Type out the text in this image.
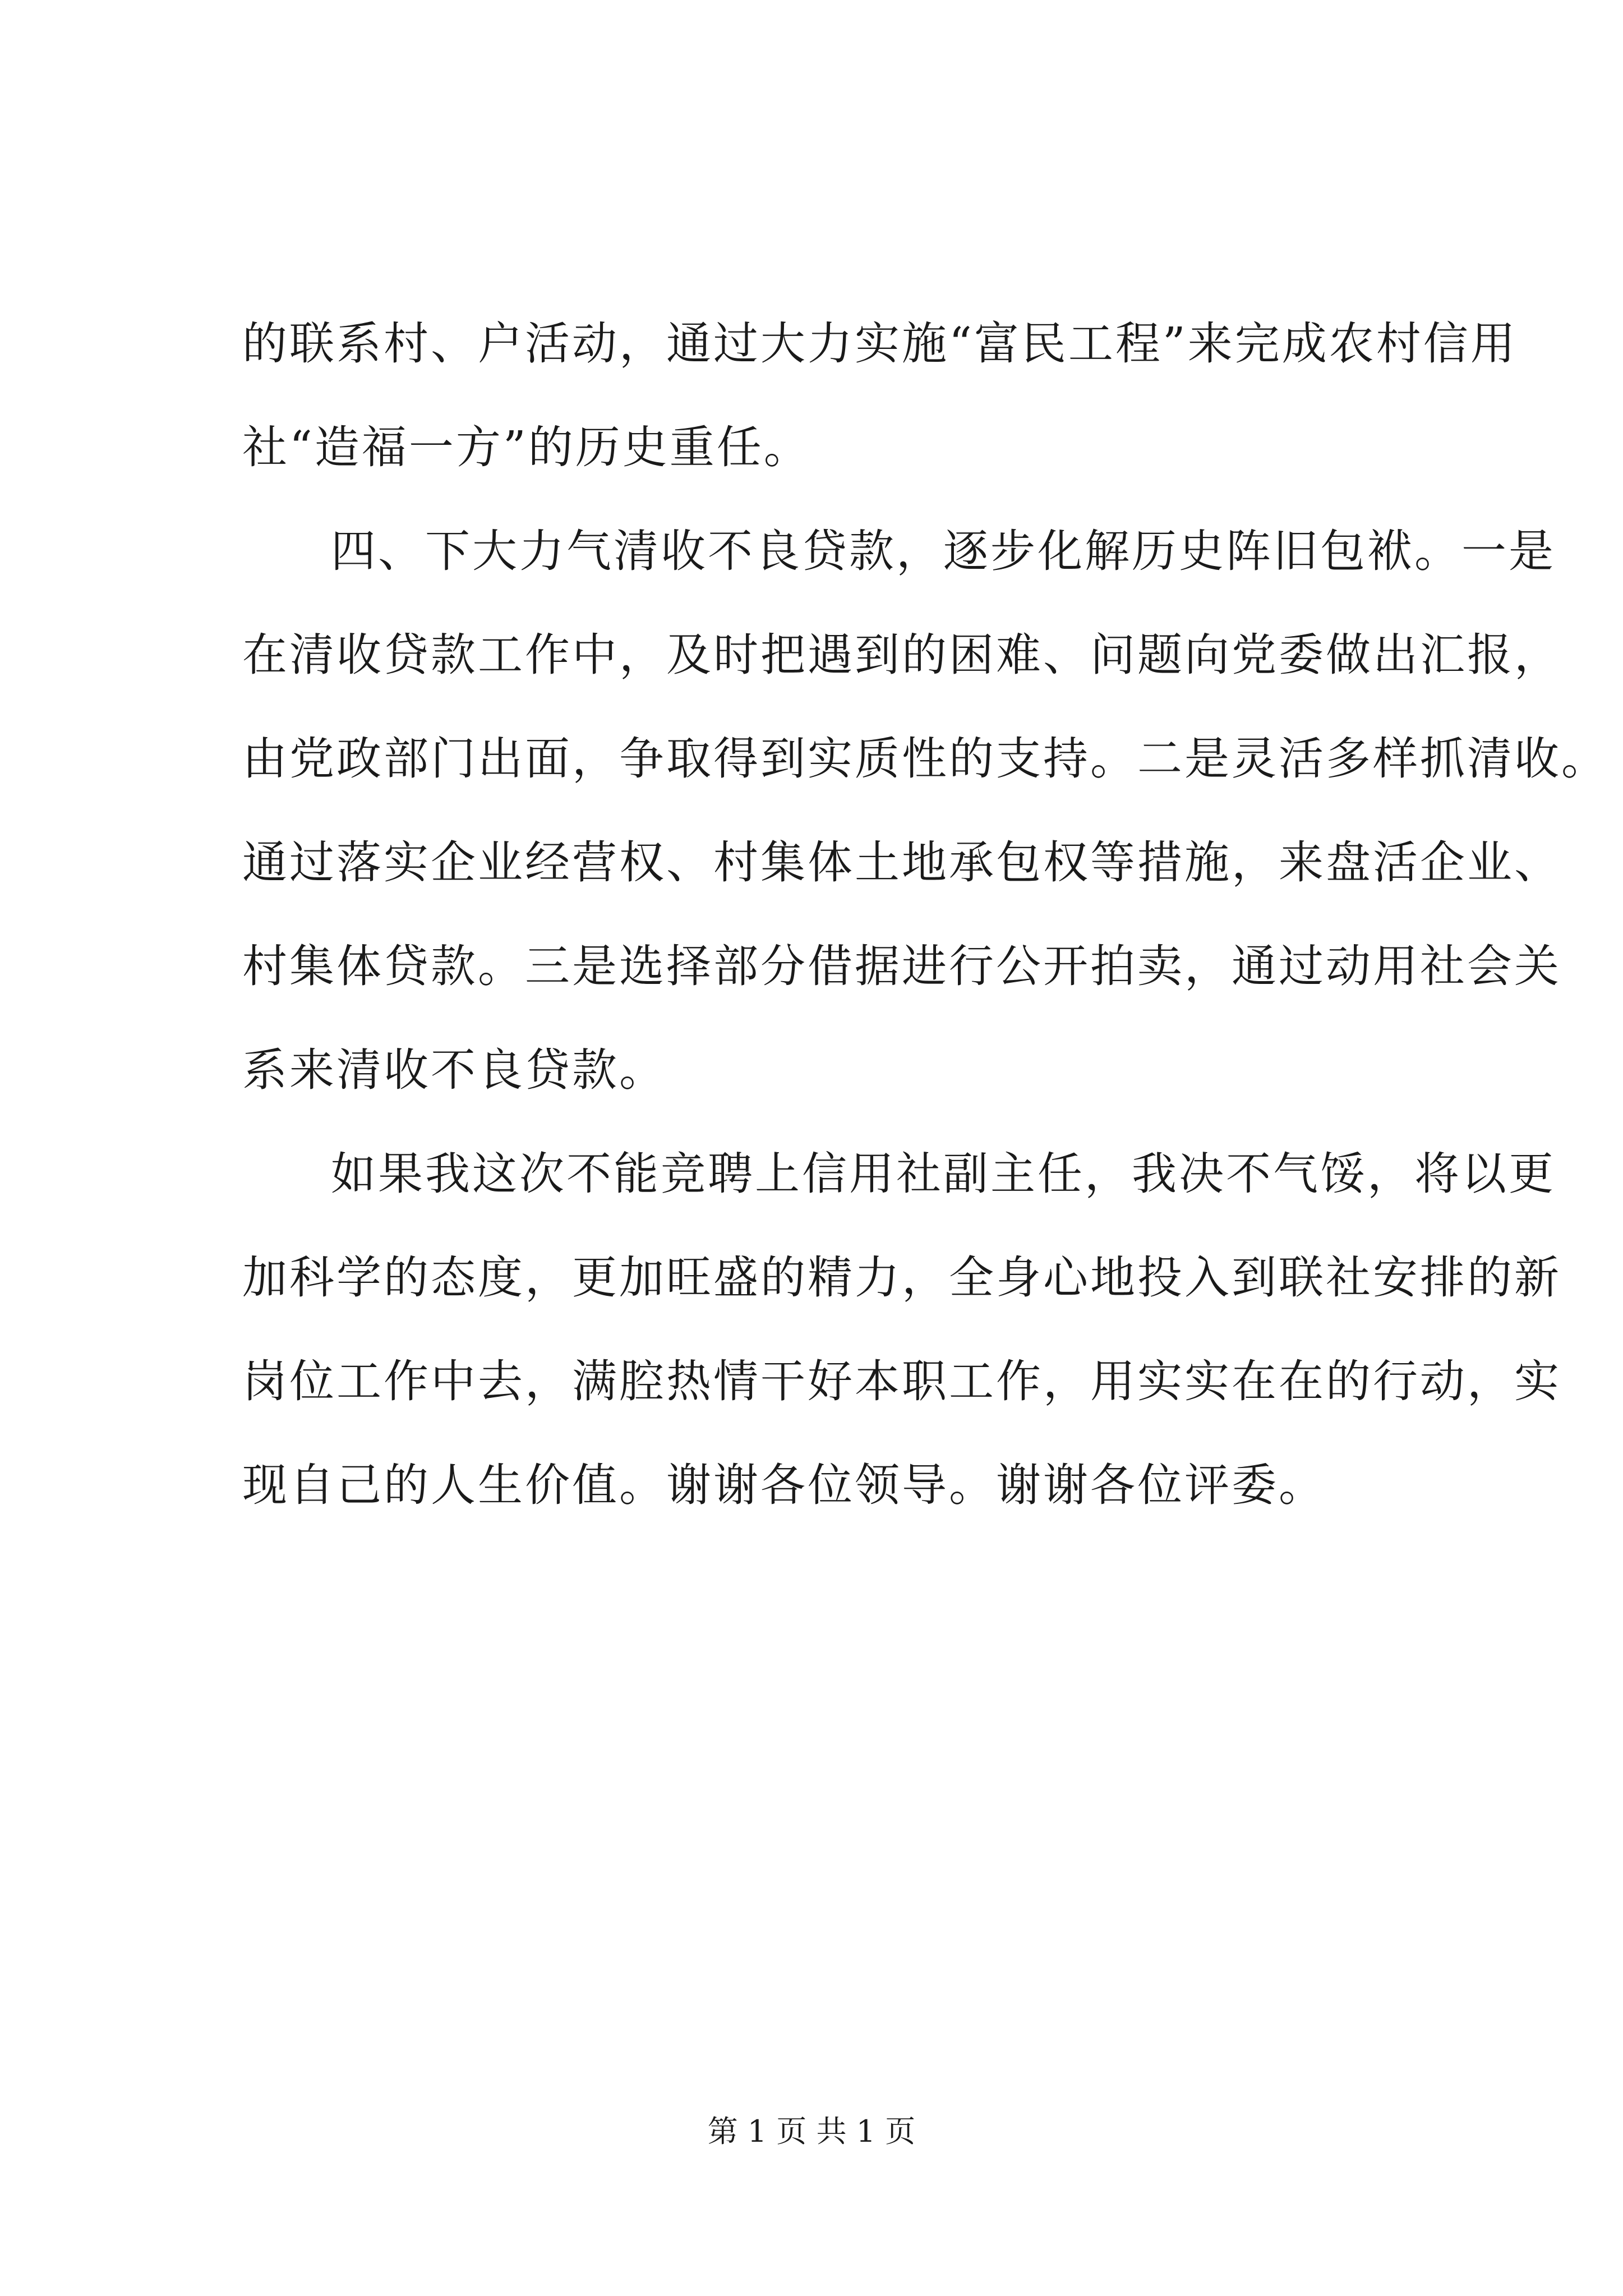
的联系村、户活动，通过大力实施“富民工程”来完成农村信用
社“造福一方”的历史重任。
四、下大力气清收不良贷款，逐步化解历史阵旧包袱。一是
在清收贷款工作中，及时把遇到的困难、问题向党委做出汇报，
由党政部门出面，争取得到实质性的支持。二是灵活多样抓清收。
通过落实企业经营权、村集体土地承包权等措施，来盘活企业、
村集体贷款。三是选择部分借据进行公开拍卖，通过动用社会关
系来清收不良贷款。
如果我这次不能竞聘上信用社副主任，我决不气馁，将以更
加科学的态度，更加旺盛的精力，全身心地投入到联社安排的新
岗位工作中去，满腔热情干好本职工作，用实实在在的行动，实
现自己的人生价值。谢谢各位领导。谢谢各位评委。
第 1 页 共 1 页
